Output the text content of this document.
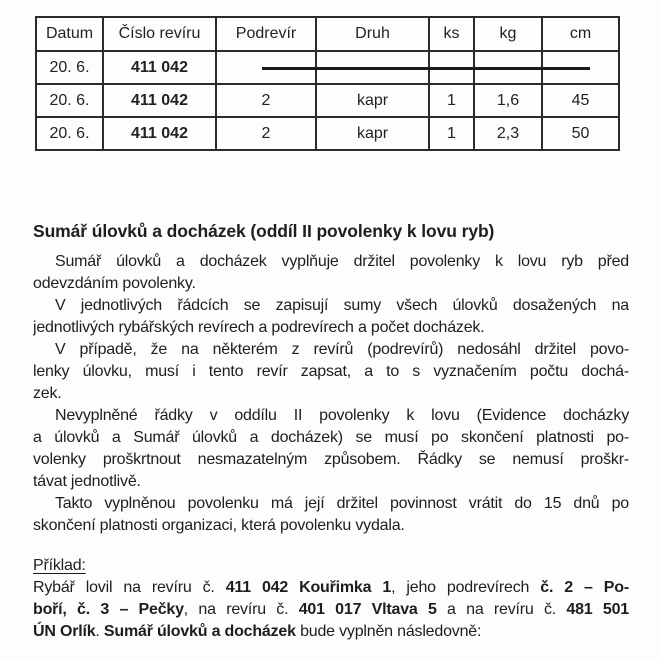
Datum	Číslo revíru	Podrevír	Druh	ks	kg	cm
20. 6.	411 042					
20. 6.	411 042	2	kapr	1	1,6	45
20. 6.	411 042	2	kapr	1	2,3	50
Sumář úlovků a docházek (oddíl II povolenky k lovu ryb)
Sumář úlovků a docházek vyplňuje držitel povolenky k lovu ryb před
odevzdáním povolenky.
V jednotlivých řádcích se zapisují sumy všech úlovků dosažených na
jednotlivých rybářských revírech a podrevírech a počet docházek.
V případě, že na některém z revírů (podrevírů) nedosáhl držitel povo-
lenky úlovku, musí i tento revír zapsat, a to s vyznačením počtu dochá-
zek.
Nevyplněné řádky v oddílu II povolenky k lovu (Evidence docházky
a úlovků a Sumář úlovků a docházek) se musí po skončení platnosti po-
volenky proškrtnout nesmazatelným způsobem. Řádky se nemusí proškr-
távat jednotlivě.
Takto vyplněnou povolenku má její držitel povinnost vrátit do 15 dnů po
skončení platnosti organizaci, která povolenku vydala.
Příklad:
Rybář lovil na revíru č. 411 042 Kouřimka 1, jeho podrevírech č. 2 – Po-
boří, č. 3 – Pečky, na revíru č. 401 017 Vltava 5 a na revíru č. 481 501
ÚN Orlík. Sumář úlovků a docházek bude vyplněn následovně:
